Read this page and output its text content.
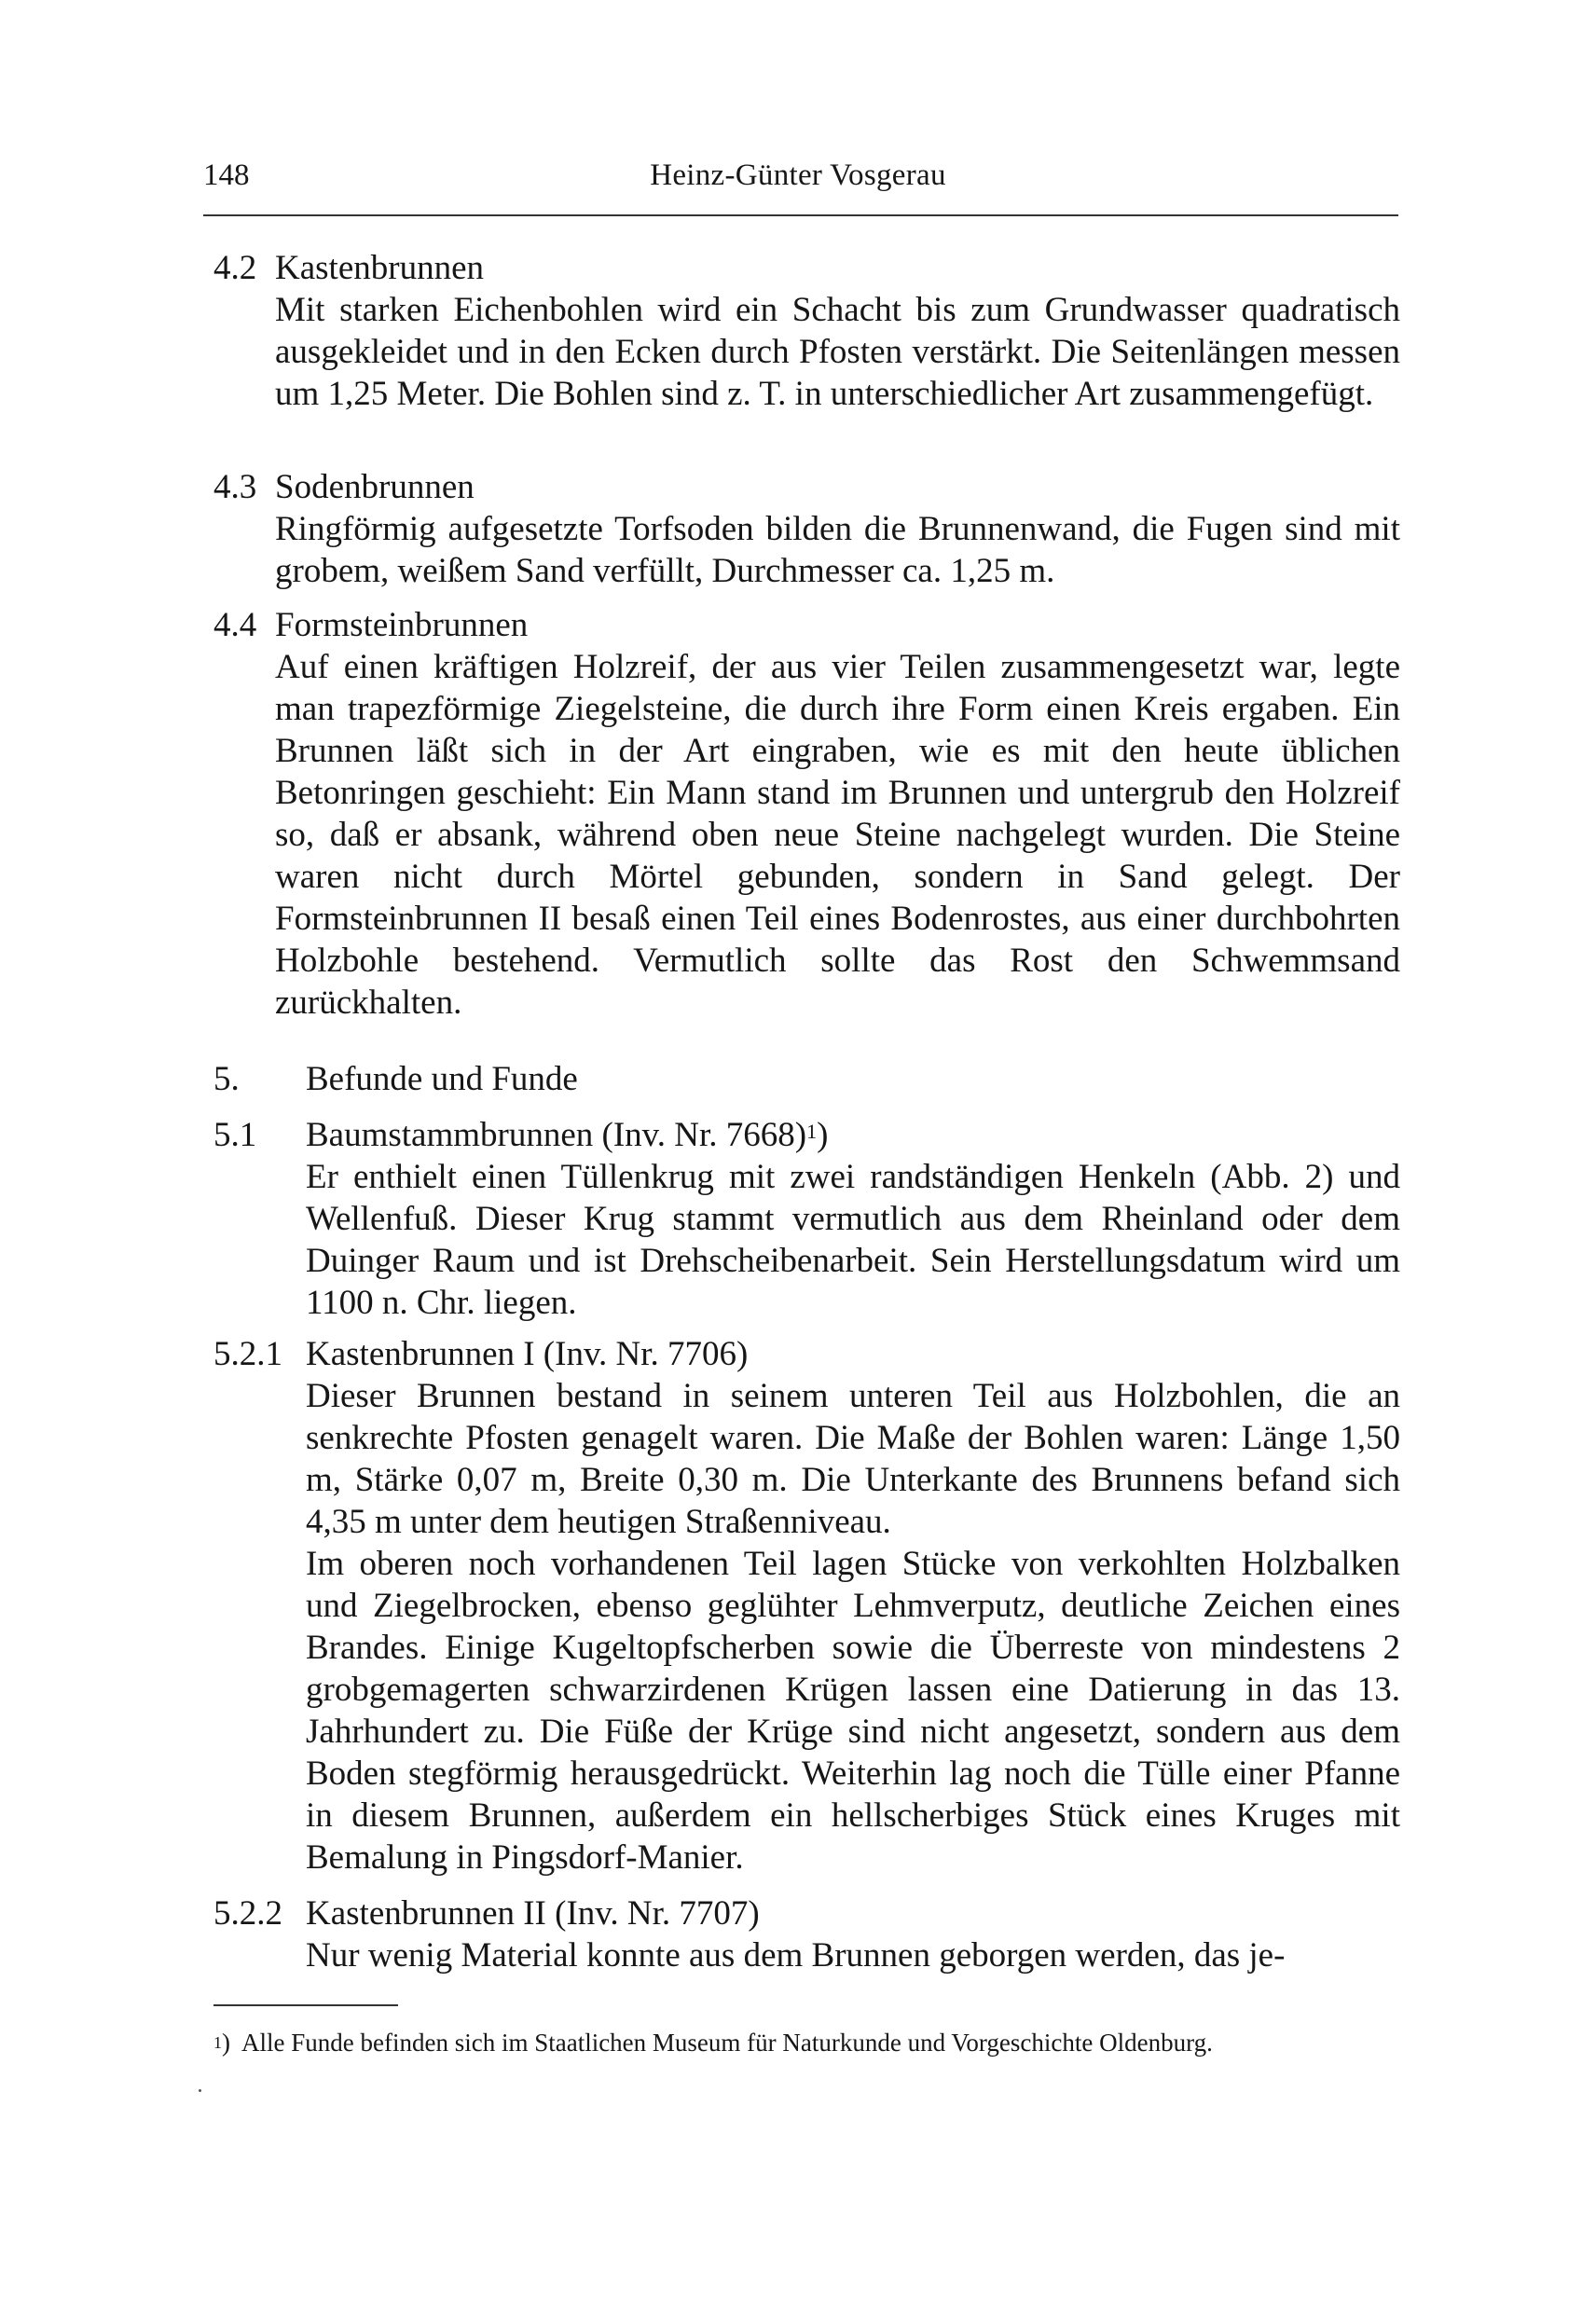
148	Heinz-Günter Vosgerau
4.2 Kastenbrunnen
Mit starken Eichenbohlen wird ein Schacht bis zum Grundwasser quadratisch ausgekleidet und in den Ecken durch Pfosten verstärkt. Die Seitenlängen messen um 1,25 Meter. Die Bohlen sind z. T. in unterschiedlicher Art zusammengefügt.
4.3 Sodenbrunnen
Ringförmig aufgesetzte Torfsoden bilden die Brunnenwand, die Fugen sind mit grobem, weißem Sand verfüllt, Durchmesser ca. 1,25 m.
4.4 Formsteinbrunnen
Auf einen kräftigen Holzreif, der aus vier Teilen zusammengesetzt war, legte man trapezförmige Ziegelsteine, die durch ihre Form einen Kreis ergaben. Ein Brunnen läßt sich in der Art eingraben, wie es mit den heute üblichen Betonringen geschieht: Ein Mann stand im Brunnen und untergrub den Holzreif so, daß er absank, während oben neue Steine nachgelegt wurden. Die Steine waren nicht durch Mörtel gebunden, sondern in Sand gelegt. Der Formsteinbrunnen II besaß einen Teil eines Bodenrostes, aus einer durchbohrten Holzbohle bestehend. Vermutlich sollte das Rost den Schwemmsand zurückhalten.
5. Befunde und Funde
5.1 Baumstammbrunnen (Inv. Nr. 7668)$^1$)
Er enthielt einen Tüllenkrug mit zwei randständigen Henkeln (Abb. 2) und Wellenfuß. Dieser Krug stammt vermutlich aus dem Rheinland oder dem Duinger Raum und ist Drehscheibenarbeit. Sein Herstellungsdatum wird um 1100 n. Chr. liegen.
5.2.1 Kastenbrunnen I (Inv. Nr. 7706)
Dieser Brunnen bestand in seinem unteren Teil aus Holzbohlen, die an senkrechte Pfosten genagelt waren. Die Maße der Bohlen waren: Länge 1,50 m, Stärke 0,07 m, Breite 0,30 m. Die Unterkante des Brunnens befand sich 4,35 m unter dem heutigen Straßenniveau.
Im oberen noch vorhandenen Teil lagen Stücke von verkohlten Holzbalken und Ziegelbrocken, ebenso geglühter Lehmverputz, deutliche Zeichen eines Brandes. Einige Kugeltopfscherben sowie die Überreste von mindestens 2 grobgemagerten schwarzirdenen Krügen lassen eine Datierung in das 13. Jahrhundert zu. Die Füße der Krüge sind nicht angesetzt, sondern aus dem Boden stegförmig herausgedrückt. Weiterhin lag noch die Tülle einer Pfanne in diesem Brunnen, außerdem ein hellscherbiges Stück eines Kruges mit Bemalung in Pingsdorf-Manier.
5.2.2 Kastenbrunnen II (Inv. Nr. 7707)
Nur wenig Material konnte aus dem Brunnen geborgen werden, das je-
$^1$) Alle Funde befinden sich im Staatlichen Museum für Naturkunde und Vorgeschichte Oldenburg.
